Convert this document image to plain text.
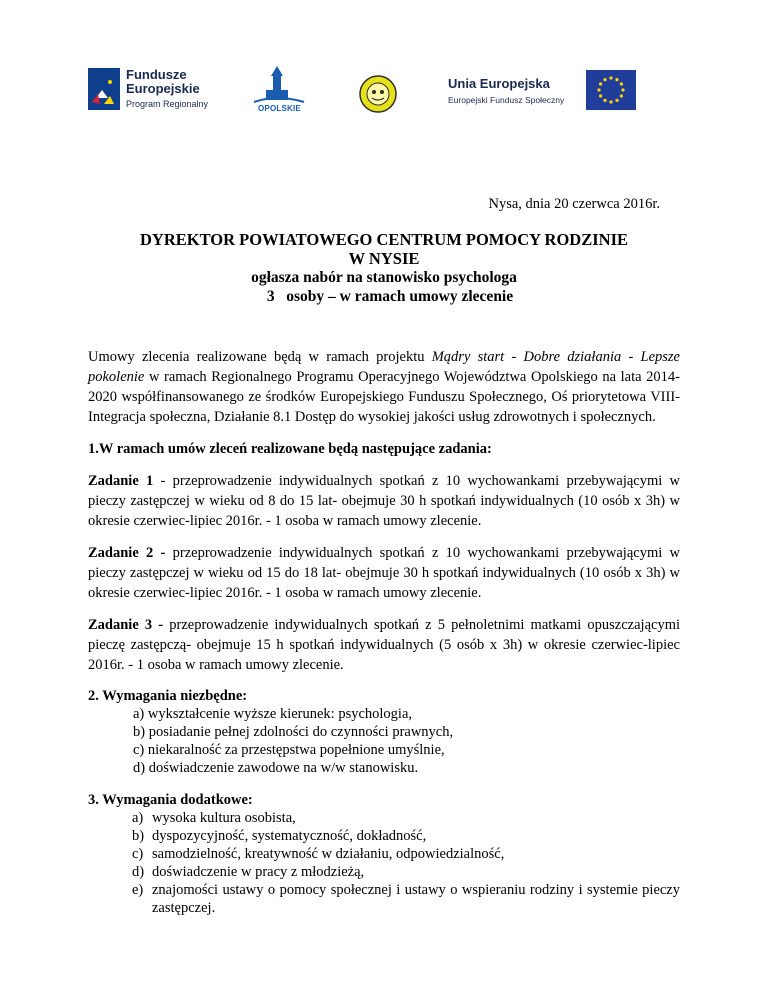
Fundusze
Europejskie
Program Regionalny	OPOLSKIE
Unia Europejska
Europejski Fundusz Społeczny
Nysa, dnia 20 czerwca 2016r.
DYREKTOR POWIATOWEGO CENTRUM POMOCY RODZINIE
W NYSIE
ogłasza nabór na stanowisko psychologa
3   osoby – w ramach umowy zlecenie

Umowy zlecenia realizowane będą w ramach projektu Mądry start - Dobre działania - Lepsze pokolenie w ramach Regionalnego Programu Operacyjnego Województwa Opolskiego na lata 2014-2020 współfinansowanego ze środków Europejskiego Funduszu Społecznego, Oś priorytetowa VIII-Integracja społeczna, Działanie 8.1 Dostęp do wysokiej jakości usług zdrowotnych i społecznych.

1.W ramach umów zleceń realizowane będą następujące zadania:

Zadanie 1 - przeprowadzenie indywidualnych spotkań z 10 wychowankami przebywającymi w pieczy zastępczej w wieku od 8 do 15 lat- obejmuje 30 h spotkań indywidualnych (10 osób x 3h) w okresie czerwiec-lipiec 2016r. - 1 osoba w ramach umowy zlecenie.

Zadanie 2 - przeprowadzenie indywidualnych spotkań z 10 wychowankami przebywającymi w pieczy zastępczej w wieku od 15 do 18 lat- obejmuje 30 h spotkań indywidualnych (10 osób x 3h) w okresie czerwiec-lipiec 2016r. - 1 osoba w ramach umowy zlecenie.

Zadanie 3 - przeprowadzenie indywidualnych spotkań z 5 pełnoletnimi matkami opuszczającymi pieczę zastępczą- obejmuje 15 h spotkań indywidualnych (5 osób x 3h) w okresie czerwiec-lipiec 2016r. - 1 osoba w ramach umowy zlecenie.

2. Wymagania niezbędne:

a) wykształcenie wyższe kierunek: psychologia,
b) posiadanie pełnej zdolności do czynności prawnych,
c) niekaralność za przestępstwa popełnione umyślnie,
d) doświadczenie zawodowe na w/w stanowisku.

3. Wymagania dodatkowe:

a) wysoka kultura osobista,
b) dyspozycyjność, systematyczność, dokładność,
c) samodzielność, kreatywność w działaniu, odpowiedzialność,
d) doświadczenie w pracy z młodzieżą,
e) znajomości ustawy o pomocy społecznej i ustawy o wspieraniu rodziny i systemie pieczy zastępczej.
